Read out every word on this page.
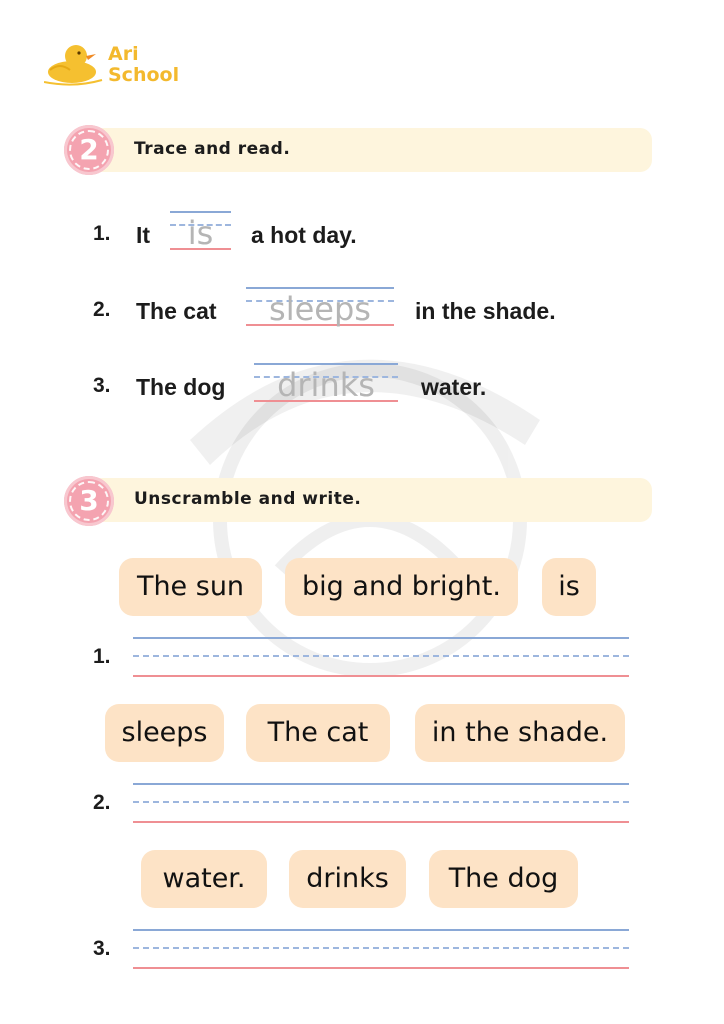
Ari
School
Trace and read.
2
1. It	is	a hot day.
2. The cat	sleeps	in the shade.
3. The dog	drinks	water.
Unscramble and write.
3
The sun	big and bright.	is
1.
sleeps	The cat	in the shade.
2.
water.	drinks	The dog
3.
